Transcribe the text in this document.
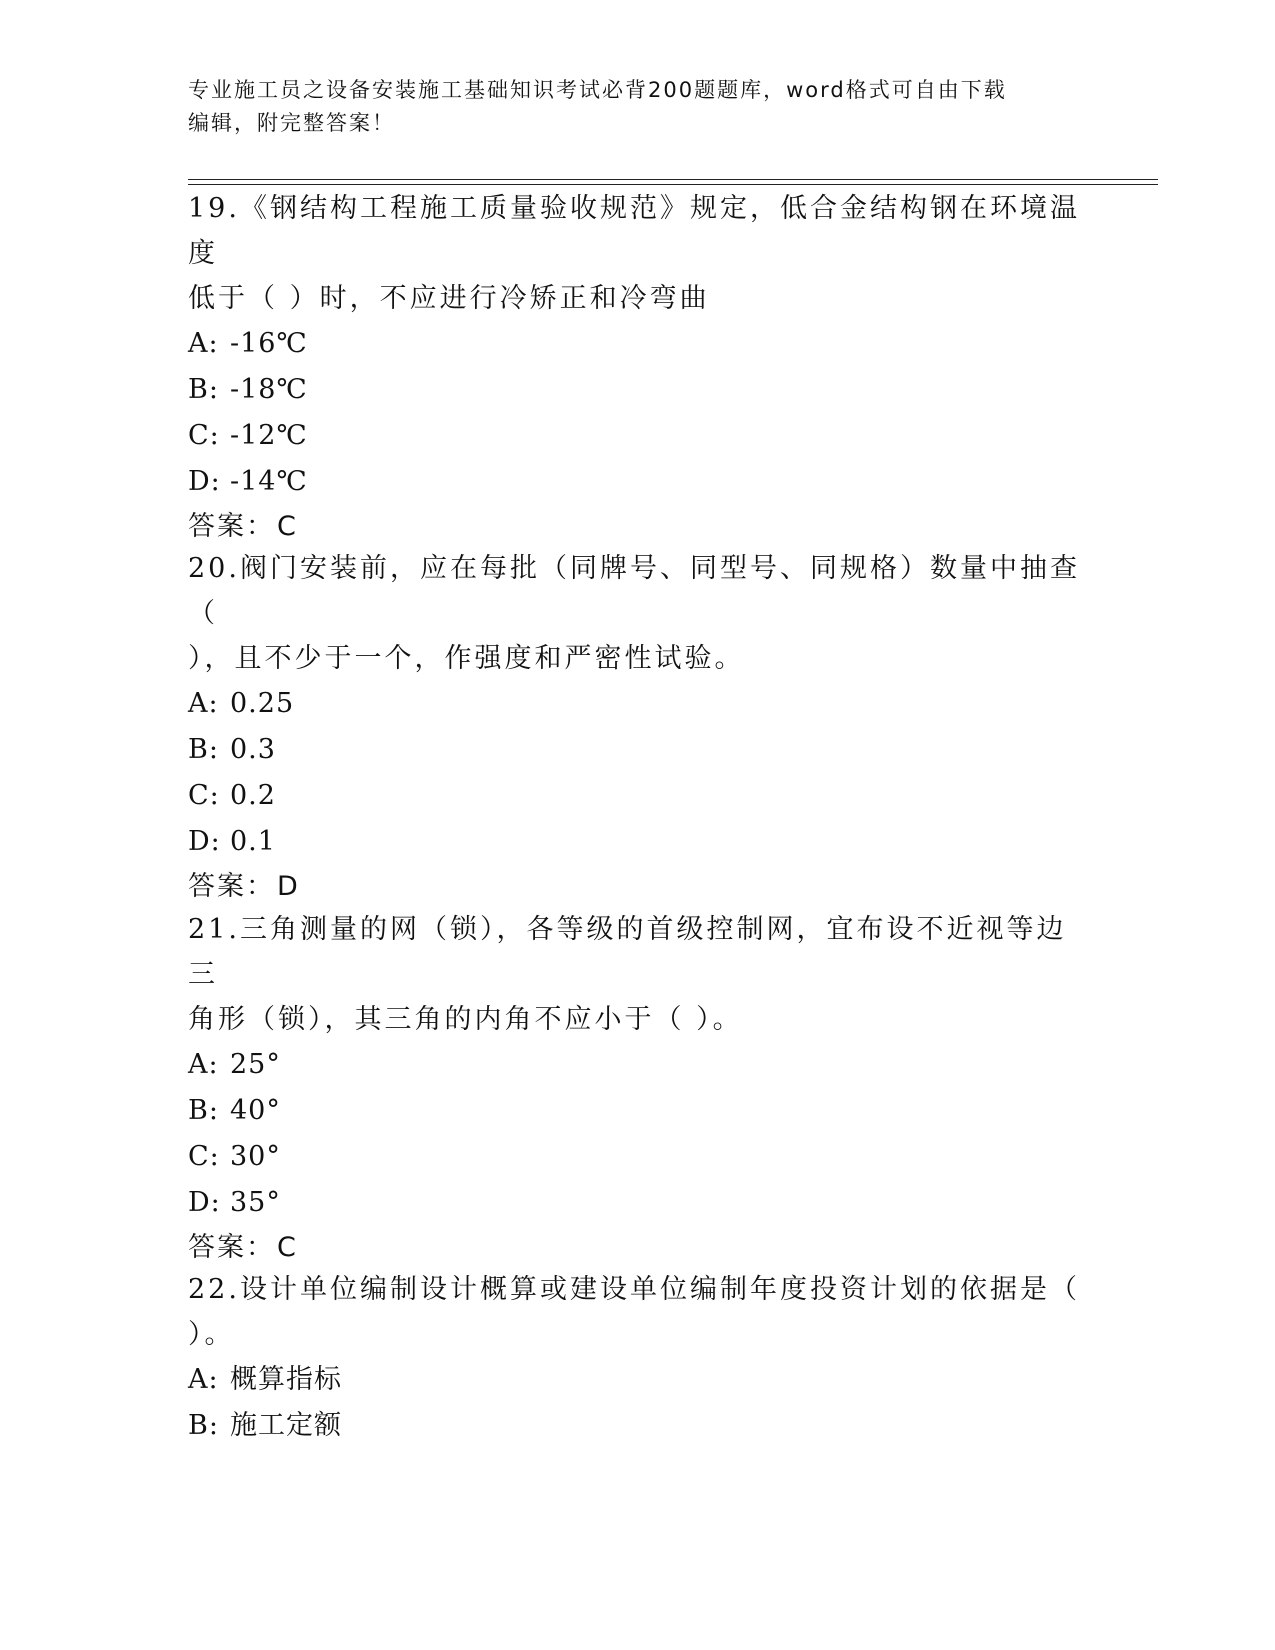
专业施工员之设备安装施工基础知识考试必背200题题库，word格式可自由下载
编辑，附完整答案！
19.《钢结构工程施工质量验收规范》规定，低合金结构钢在环境温度
低于（ ）时，不应进行冷矫正和冷弯曲
A: -16℃
B: -18℃
C: -12℃
D: -14℃
答案：C
20.阀门安装前，应在每批（同牌号、同型号、同规格）数量中抽查（
），且不少于一个，作强度和严密性试验。
A: 0.25
B: 0.3
C: 0.2
D: 0.1
答案：D
21.三角测量的网（锁），各等级的首级控制网，宜布设不近视等边三
角形（锁），其三角的内角不应小于（ ）。
A: 25°
B: 40°
C: 30°
D: 35°
答案：C
22.设计单位编制设计概算或建设单位编制年度投资计划的依据是（
）。
A: 概算指标
B: 施工定额
